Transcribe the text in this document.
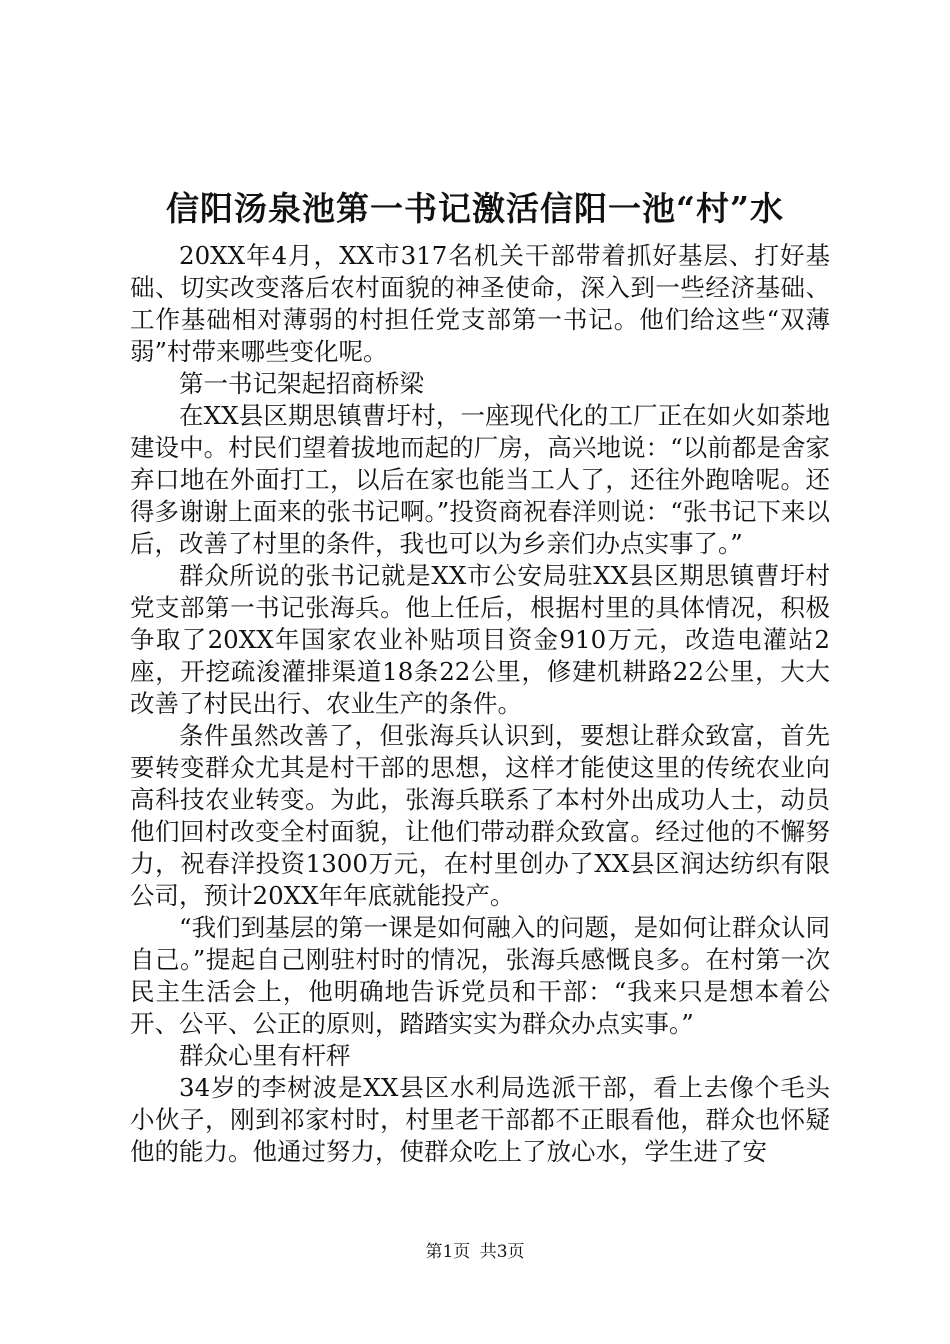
信阳汤泉池第一书记激活信阳一池“村”水

20XX年4月，XX市317名机关干部带着抓好基层、打好基础、切实改变落后农村面貌的神圣使命，深入到一些经济基础、工作基础相对薄弱的村担任党支部第一书记。他们给这些“双薄弱”村带来哪些变化呢。

第一书记架起招商桥梁

在XX县区期思镇曹圩村，一座现代化的工厂正在如火如荼地建设中。村民们望着拔地而起的厂房，高兴地说：“以前都是舍家弃口地在外面打工，以后在家也能当工人了，还往外跑啥呢。还得多谢谢上面来的张书记啊。”投资商祝春洋则说：“张书记下来以后，改善了村里的条件，我也可以为乡亲们办点实事了。”

群众所说的张书记就是XX市公安局驻XX县区期思镇曹圩村党支部第一书记张海兵。他上任后，根据村里的具体情况，积极争取了20XX年国家农业补贴项目资金910万元，改造电灌站2座，开挖疏浚灌排渠道18条22公里，修建机耕路22公里，大大改善了村民出行、农业生产的条件。

条件虽然改善了，但张海兵认识到，要想让群众致富，首先要转变群众尤其是村干部的思想，这样才能使这里的传统农业向高科技农业转变。为此，张海兵联系了本村外出成功人士，动员他们回村改变全村面貌，让他们带动群众致富。经过他的不懈努力，祝春洋投资1300万元，在村里创办了XX县区润达纺织有限公司，预计20XX年年底就能投产。

“我们到基层的第一课是如何融入的问题，是如何让群众认同自己。”提起自己刚驻村时的情况，张海兵感慨良多。在村第一次民主生活会上，他明确地告诉党员和干部：“我来只是想本着公开、公平、公正的原则，踏踏实实为群众办点实事。”

群众心里有杆秤

34岁的李树波是XX县区水利局选派干部，看上去像个毛头小伙子，刚到祁家村时，村里老干部都不正眼看他，群众也怀疑他的能力。他通过努力，使群众吃上了放心水，学生进了安

第1页 共3页
